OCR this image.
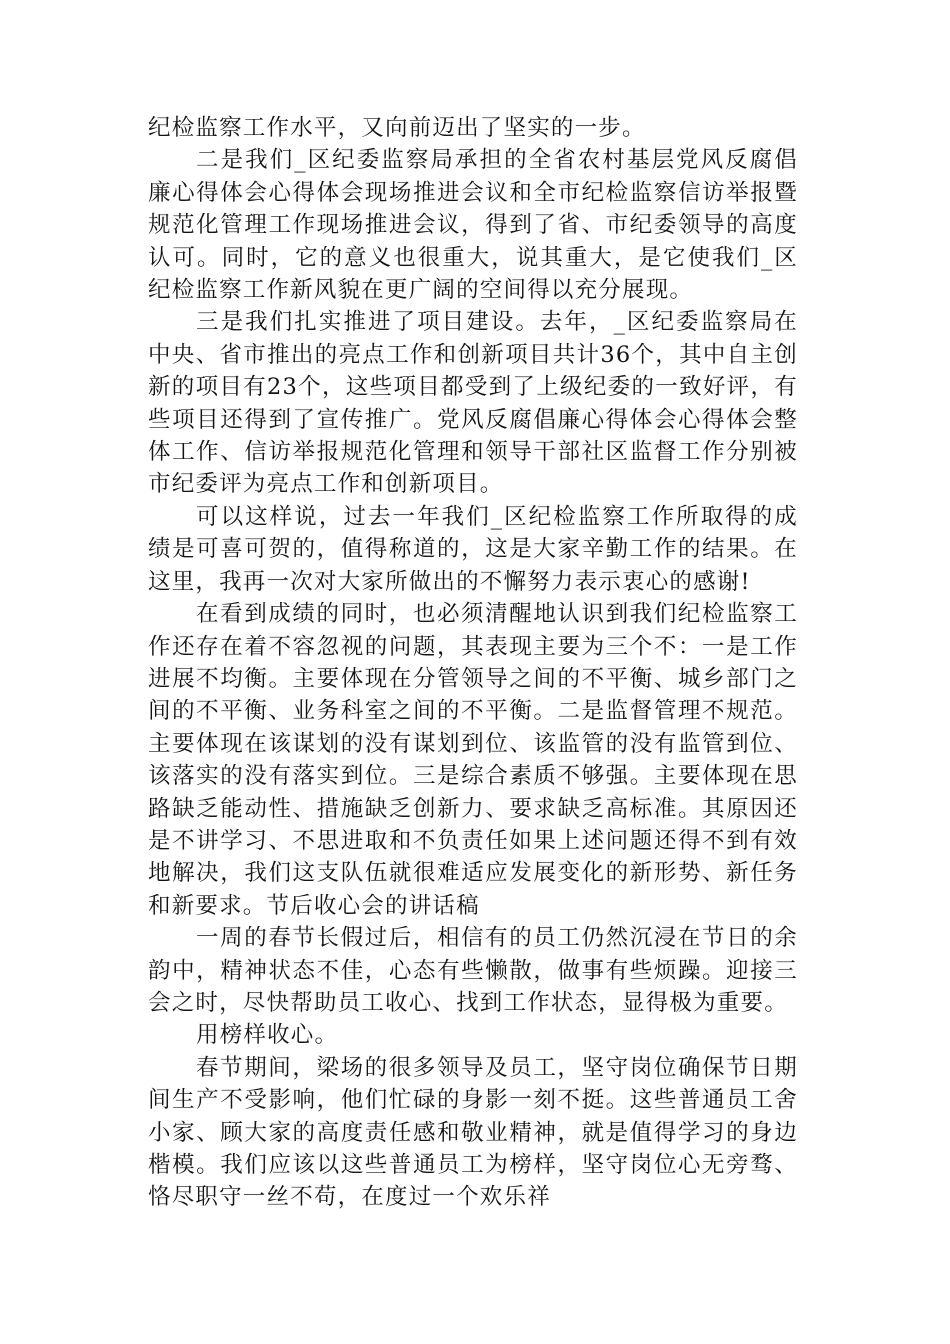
纪检监察工作水平，又向前迈出了坚实的一步。

二是我们_区纪委监察局承担的全省农村基层党风反腐倡廉心得体会心得体会现场推进会议和全市纪检监察信访举报暨规范化管理工作现场推进会议，得到了省、市纪委领导的高度认可。同时，它的意义也很重大，说其重大，是它使我们_区纪检监察工作新风貌在更广阔的空间得以充分展现。

三是我们扎实推进了项目建设。去年，_区纪委监察局在中央、省市推出的亮点工作和创新项目共计36个，其中自主创新的项目有23个，这些项目都受到了上级纪委的一致好评，有些项目还得到了宣传推广。党风反腐倡廉心得体会心得体会整体工作、信访举报规范化管理和领导干部社区监督工作分别被市纪委评为亮点工作和创新项目。

可以这样说，过去一年我们_区纪检监察工作所取得的成绩是可喜可贺的，值得称道的，这是大家辛勤工作的结果。在这里，我再一次对大家所做出的不懈努力表示衷心的感谢!

在看到成绩的同时，也必须清醒地认识到我们纪检监察工作还存在着不容忽视的问题，其表现主要为三个不：一是工作进展不均衡。主要体现在分管领导之间的不平衡、城乡部门之间的不平衡、业务科室之间的不平衡。二是监督管理不规范。主要体现在该谋划的没有谋划到位、该监管的没有监管到位、该落实的没有落实到位。三是综合素质不够强。主要体现在思路缺乏能动性、措施缺乏创新力、要求缺乏高标准。其原因还是不讲学习、不思进取和不负责任如果上述问题还得不到有效地解决，我们这支队伍就很难适应发展变化的新形势、新任务和新要求。节后收心会的讲话稿

一周的春节长假过后，相信有的员工仍然沉浸在节日的余韵中，精神状态不佳，心态有些懒散，做事有些烦躁。迎接三会之时，尽快帮助员工收心、找到工作状态，显得极为重要。

用榜样收心。

春节期间，梁场的很多领导及员工，坚守岗位确保节日期间生产不受影响，他们忙碌的身影一刻不挺。这些普通员工舍小家、顾大家的高度责任感和敬业精神，就是值得学习的身边楷模。我们应该以这些普通员工为榜样，坚守岗位心无旁骛、恪尽职守一丝不苟，在度过一个欢乐祥
